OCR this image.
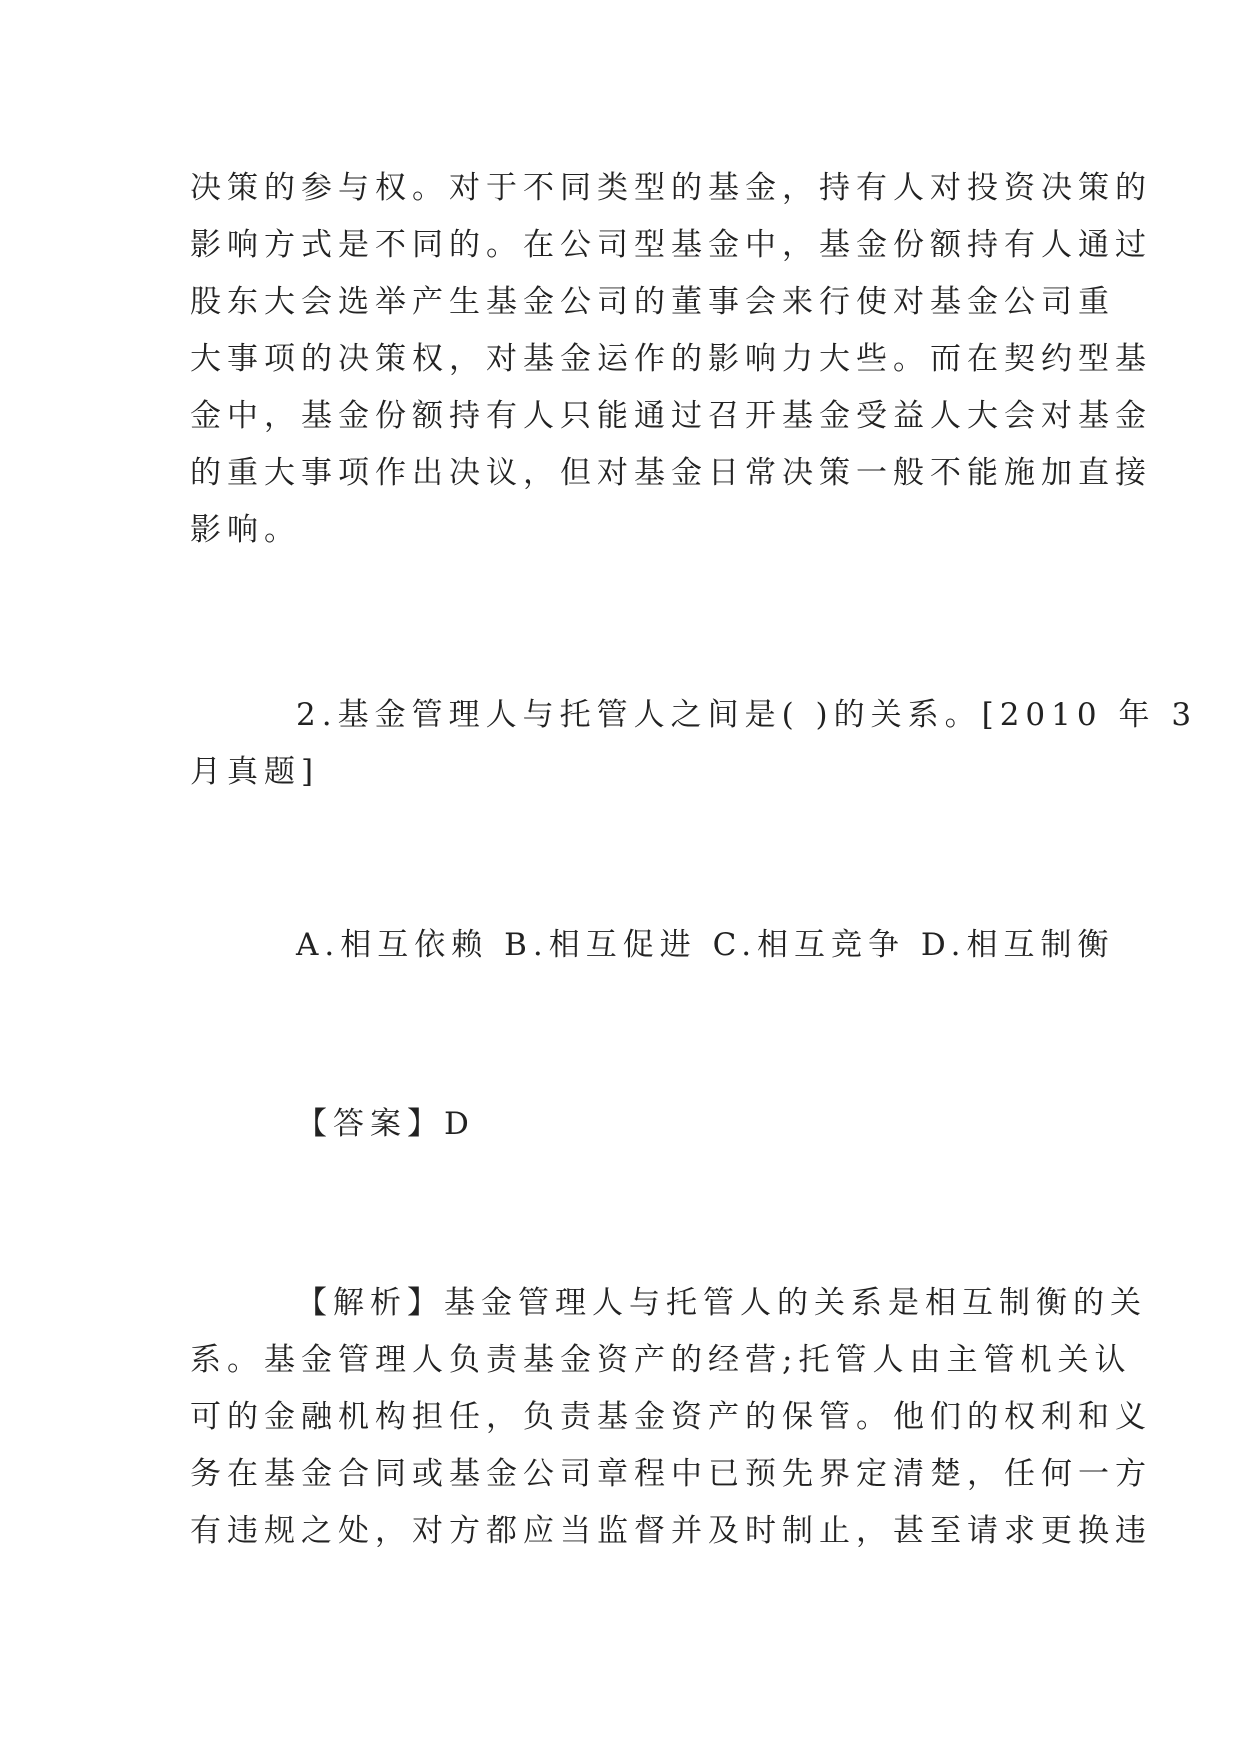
决策的参与权。对于不同类型的基金，持有人对投资决策的
影响方式是不同的。在公司型基金中，基金份额持有人通过
股东大会选举产生基金公司的董事会来行使对基金公司重
大事项的决策权，对基金运作的影响力大些。而在契约型基
金中，基金份额持有人只能通过召开基金受益人大会对基金
的重大事项作出决议，但对基金日常决策一般不能施加直接
影响。
2.基金管理人与托管人之间是( )的关系。[2010 年 3
月真题]
A.相互依赖 B.相互促进 C.相互竞争 D.相互制衡
【答案】D
【解析】基金管理人与托管人的关系是相互制衡的关
系。基金管理人负责基金资产的经营;托管人由主管机关认
可的金融机构担任，负责基金资产的保管。他们的权利和义
务在基金合同或基金公司章程中已预先界定清楚，任何一方
有违规之处，对方都应当监督并及时制止，甚至请求更换违
